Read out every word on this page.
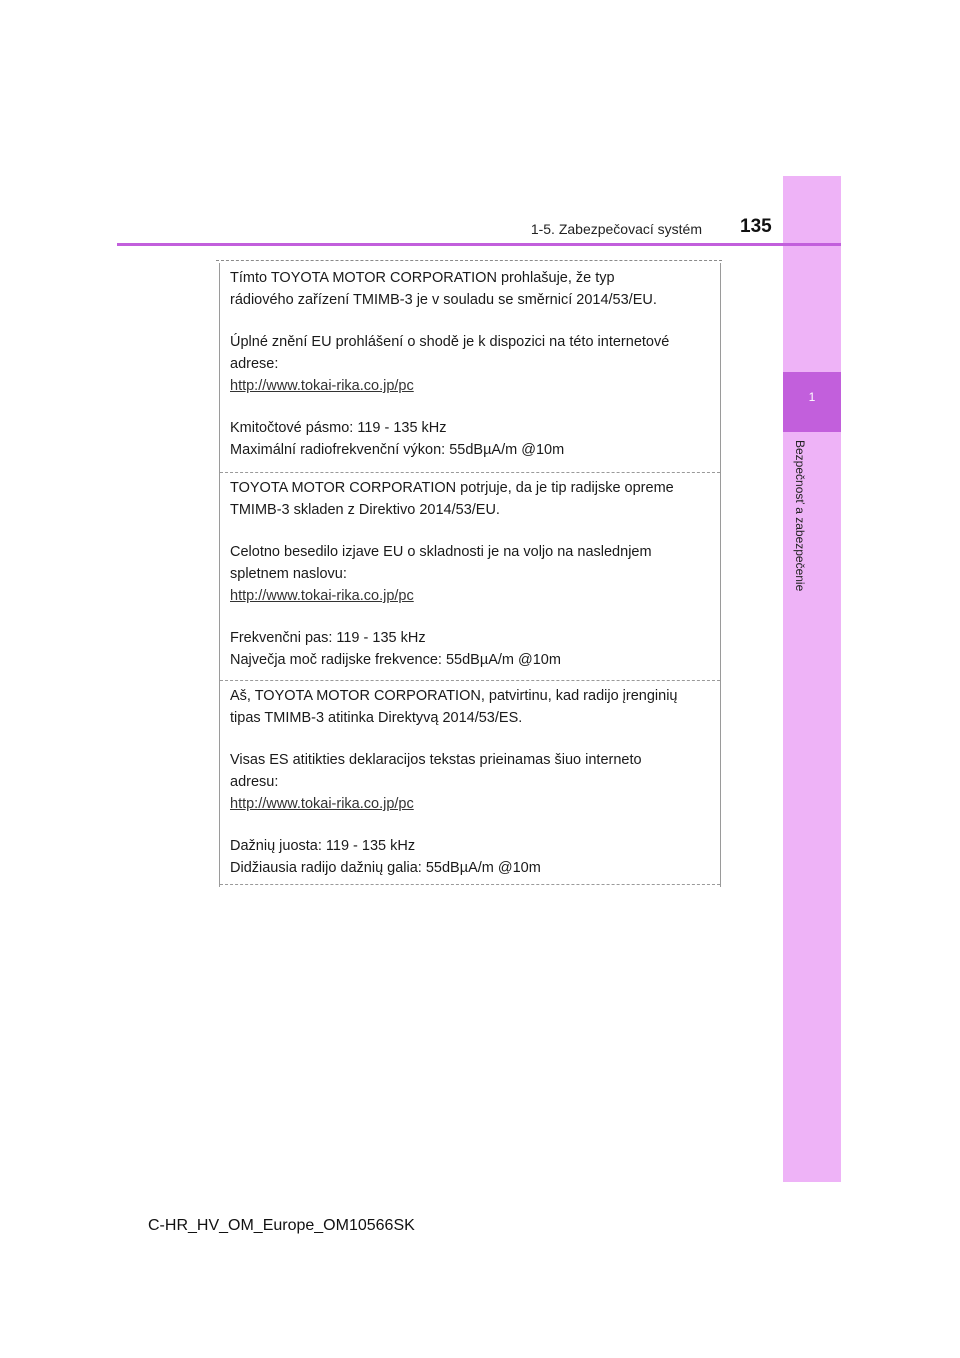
1
Bezpečnosť a zabezpečenie
1-5. Zabezpečovací systém 135

Tímto TOYOTA MOTOR CORPORATION prohlašuje, že typ

rádiového zařízení TMIMB-3 je v souladu se směrnicí 2014/53/EU.

Úplné znění EU prohlášení o shodě je k dispozici na této internetové

adrese:

http://www.tokai-rika.co.jp/pc

Kmitočtové pásmo: 119 - 135 kHz

Maximální radiofrekvenční výkon: 55dBµA/m @10m

TOYOTA MOTOR CORPORATION potrjuje, da je tip radijske opreme

TMIMB-3 skladen z Direktivo 2014/53/EU.

Celotno besedilo izjave EU o skladnosti je na voljo na naslednjem

spletnem naslovu:

http://www.tokai-rika.co.jp/pc

Frekvenčni pas: 119 - 135 kHz

Največja moč radijske frekvence: 55dBµA/m @10m

Aš, TOYOTA MOTOR CORPORATION, patvirtinu, kad radijo įrenginių

tipas TMIMB-3 atitinka Direktyvą 2014/53/ES.

Visas ES atitikties deklaracijos tekstas prieinamas šiuo interneto

adresu:

http://www.tokai-rika.co.jp/pc

Dažnių juosta: 119 - 135 kHz

Didžiausia radijo dažnių galia: 55dBµA/m @10m

C-HR_HV_OM_Europe_OM10566SK
